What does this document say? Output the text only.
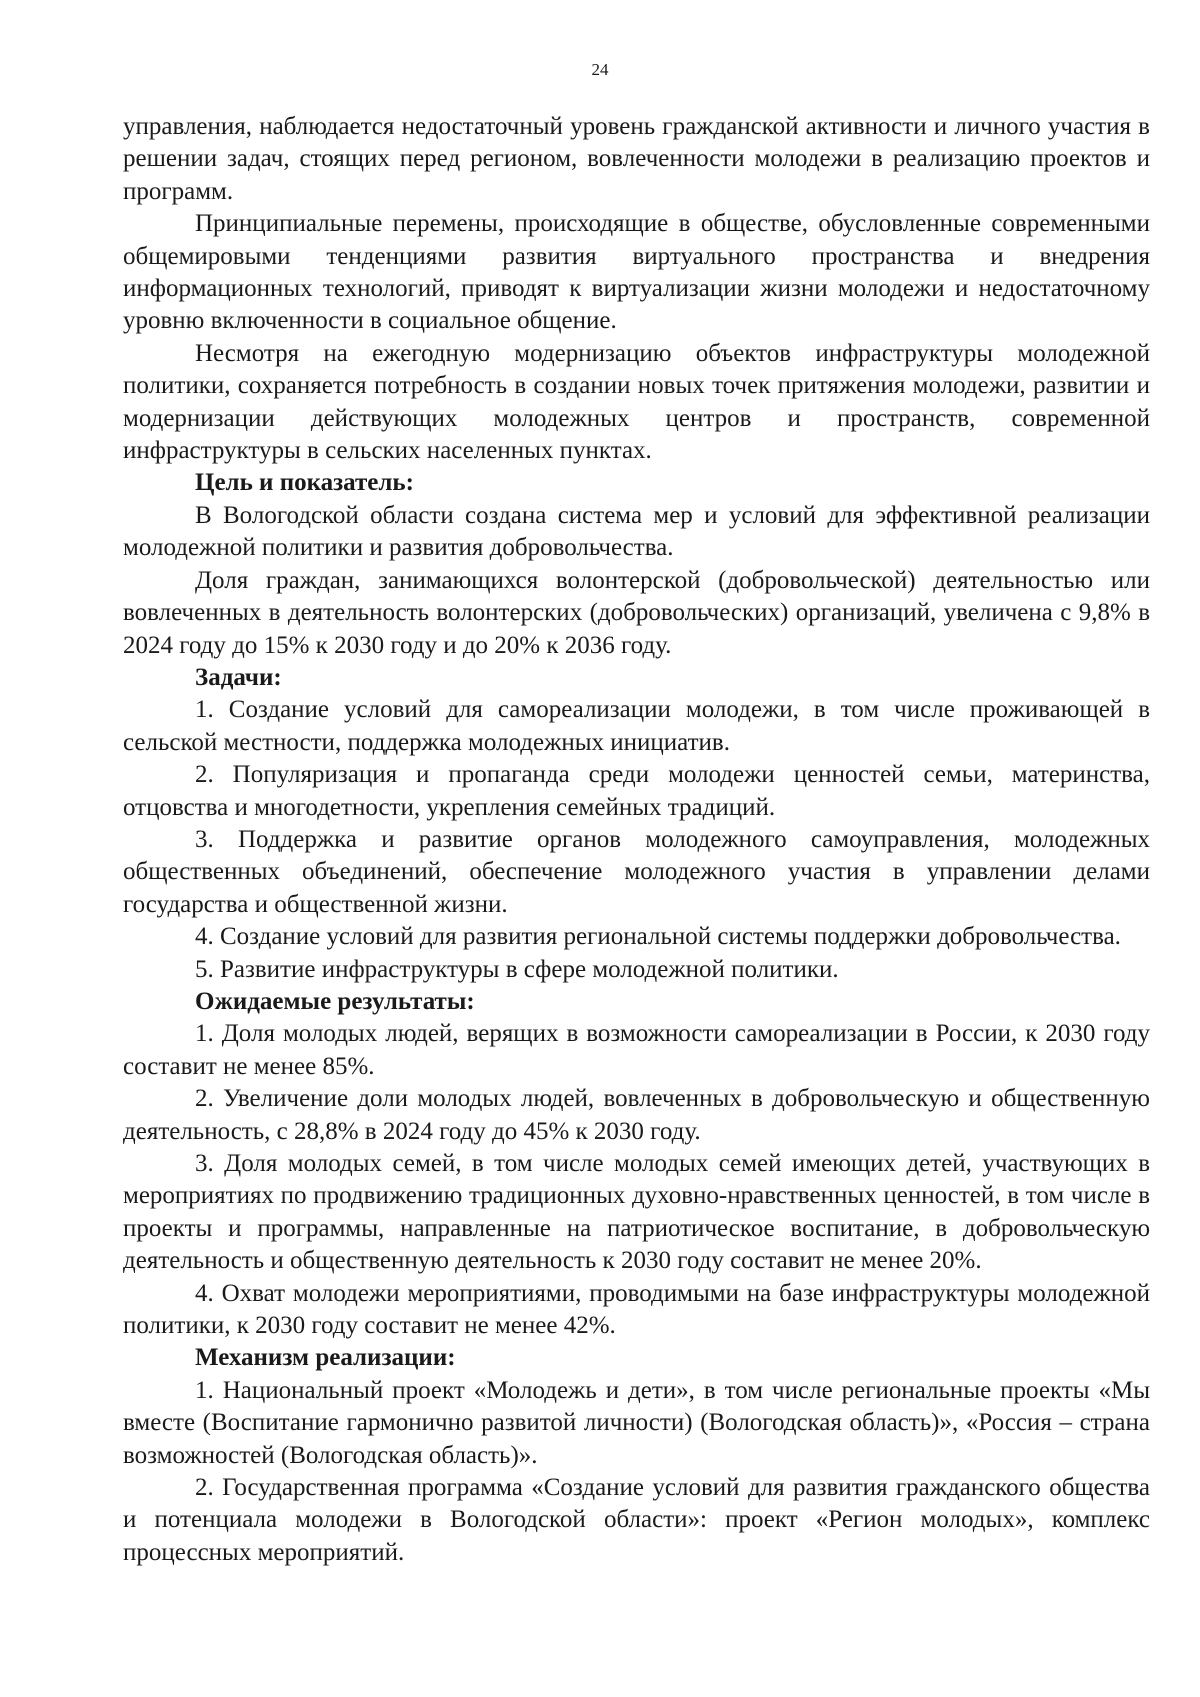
24

управления, наблюдается недостаточный уровень гражданской активности и личного участия в решении задач, стоящих перед регионом, вовлеченности молодежи в реализацию проектов и программ.

Принципиальные перемены, происходящие в обществе, обусловленные современными общемировыми тенденциями развития виртуального пространства и внедрения информационных технологий, приводят к виртуализации жизни молодежи и недостаточному уровню включенности в социальное общение.

Несмотря на ежегодную модернизацию объектов инфраструктуры молодежной политики, сохраняется потребность в создании новых точек притяжения молодежи, развитии и модернизации действующих молодежных центров и пространств, современной инфраструктуры в сельских населенных пунктах.

Цель и показатель:

В Вологодской области создана система мер и условий для эффективной реализации молодежной политики и развития добровольчества.

Доля граждан, занимающихся волонтерской (добровольческой) деятельностью или вовлеченных в деятельность волонтерских (добровольческих) организаций, увеличена с 9,8% в 2024 году до 15% к 2030 году и до 20% к 2036 году.

Задачи:

1. Создание условий для самореализации молодежи, в том числе проживающей в сельской местности, поддержка молодежных инициатив.

2. Популяризация и пропаганда среди молодежи ценностей семьи, материнства, отцовства и многодетности, укрепления семейных традиций.

3. Поддержка и развитие органов молодежного самоуправления, молодежных общественных объединений, обеспечение молодежного участия в управлении делами государства и общественной жизни.

4. Создание условий для развития региональной системы поддержки добровольчества.

5. Развитие инфраструктуры в сфере молодежной политики.

Ожидаемые результаты:

1. Доля молодых людей, верящих в возможности самореализации в России, к 2030 году составит не менее 85%.

2. Увеличение доли молодых людей, вовлеченных в добровольческую и общественную деятельность, с 28,8% в 2024 году до 45% к 2030 году.

3. Доля молодых семей, в том числе молодых семей имеющих детей, участвующих в мероприятиях по продвижению традиционных духовно-нравственных ценностей, в том числе в проекты и программы, направленные на патриотическое воспитание, в добровольческую деятельность и общественную деятельность к 2030 году составит не менее 20%.

4. Охват молодежи мероприятиями, проводимыми на базе инфраструктуры молодежной политики, к 2030 году составит не менее 42%.

Механизм реализации:

1. Национальный проект «Молодежь и дети», в том числе региональные проекты «Мы вместе (Воспитание гармонично развитой личности) (Вологодская область)», «Россия – страна возможностей (Вологодская область)».

2. Государственная программа «Создание условий для развития гражданского общества и потенциала молодежи в Вологодской области»: проект «Регион молодых», комплекс процессных мероприятий.
